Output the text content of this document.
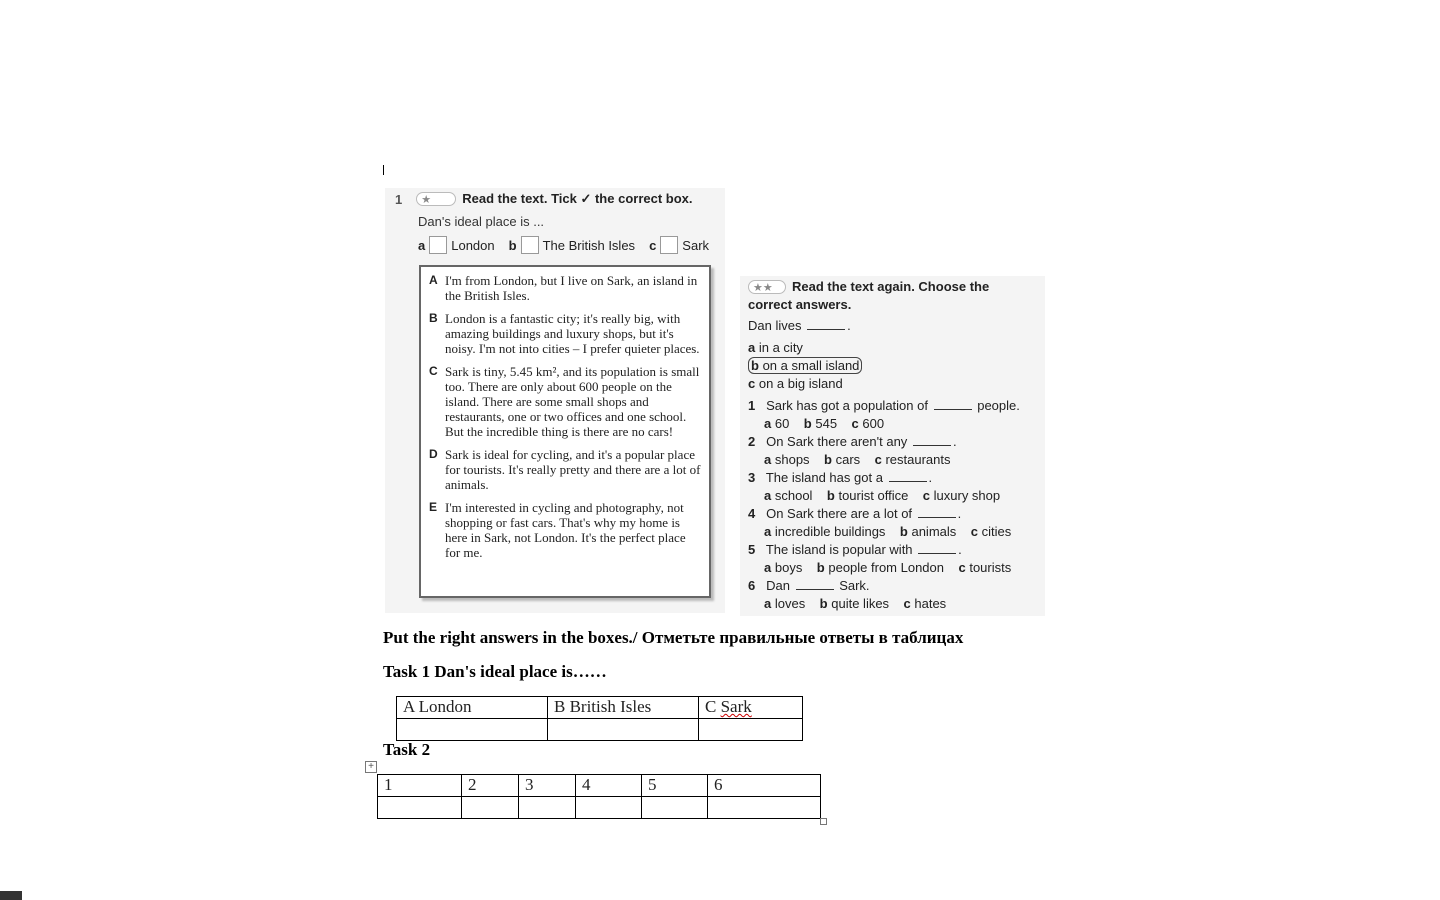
1	★	Read the text. Tick ✓ the correct box.
Dan's ideal place is ...
a London b The British Isles c Sark
A I'm from London, but I live on Sark, an island in the British Isles.
B London is a fantastic city; it's really big, with amazing buildings and luxury shops, but it's noisy. I'm not into cities – I prefer quieter places.
C Sark is tiny, 5.45 km², and its population is small too. There are only about 600 people on the island. There are some small shops and restaurants, one or two offices and one school. But the incredible thing is there are no cars!
D Sark is ideal for cycling, and it's a popular place for tourists. It's really pretty and there are a lot of animals.
E I'm interested in cycling and photography, not shopping or fast cars. That's why my home is here in Sark, not London. It's the perfect place for me.
★★ Read the text again. Choose the
correct answers.
Dan lives	.
a in a city
b on a small island
c on a big island
1 Sark has got a population of	people.
a 60 b 545 c 600
2 On Sark there aren't any	.
a shops b cars c restaurants
3 The island has got a	.
a school b tourist office c luxury shop
4 On Sark there are a lot of	.
a incredible buildings b animals c cities
5 The island is popular with	.
a boys b people from London c tourists
6 Dan	Sark.
a loves b quite likes c hates
Put the right answers in the boxes./ Отметьте правильные ответы в таблицах
Task 1 Dan's ideal place is……
A London	B British Isles	C Sark

Task 2
+
1	2	3	4	5	6
